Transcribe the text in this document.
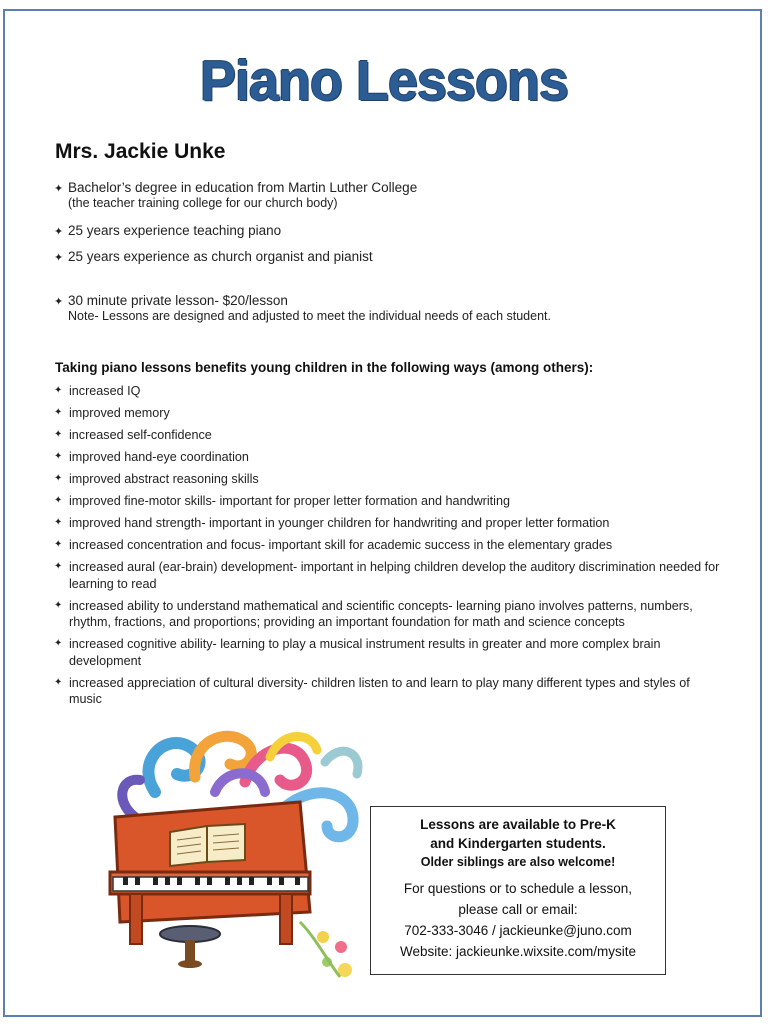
Piano Lessons
Mrs. Jackie Unke
✦ Bachelor’s degree in education from Martin Luther College
(the teacher training college for our church body)
✦ 25 years experience teaching piano
✦ 25 years experience as church organist and pianist
✦ 30 minute private lesson- $20/lesson
Note- Lessons are designed and adjusted to meet the individual needs of each student.
Taking piano lessons benefits young children in the following ways (among others):
✦ increased IQ
✦ improved memory
✦ increased self-confidence
✦ improved hand-eye coordination
✦ improved abstract reasoning skills
✦ improved fine-motor skills- important for proper letter formation and handwriting
✦ improved hand strength- important in younger children for handwriting and proper letter formation
✦ increased concentration and focus- important skill for academic success in the elementary grades
✦ increased aural (ear-brain) development- important in helping children develop the auditory discrimination needed for learning to read
✦ increased ability to understand mathematical and scientific concepts- learning piano involves patterns, numbers, rhythm, fractions, and proportions; providing an important foundation for math and science concepts
✦ increased cognitive ability- learning to play a musical instrument results in greater and more complex brain development
✦ increased appreciation of cultural diversity- children listen to and learn to play many different types and styles of music
Lessons are available to Pre-K
and Kindergarten students.
Older siblings are also welcome!
For questions or to schedule a lesson,
please call or email:
702-333-3046 / jackieunke@juno.com
Website: jackieunke.wixsite.com/mysite
